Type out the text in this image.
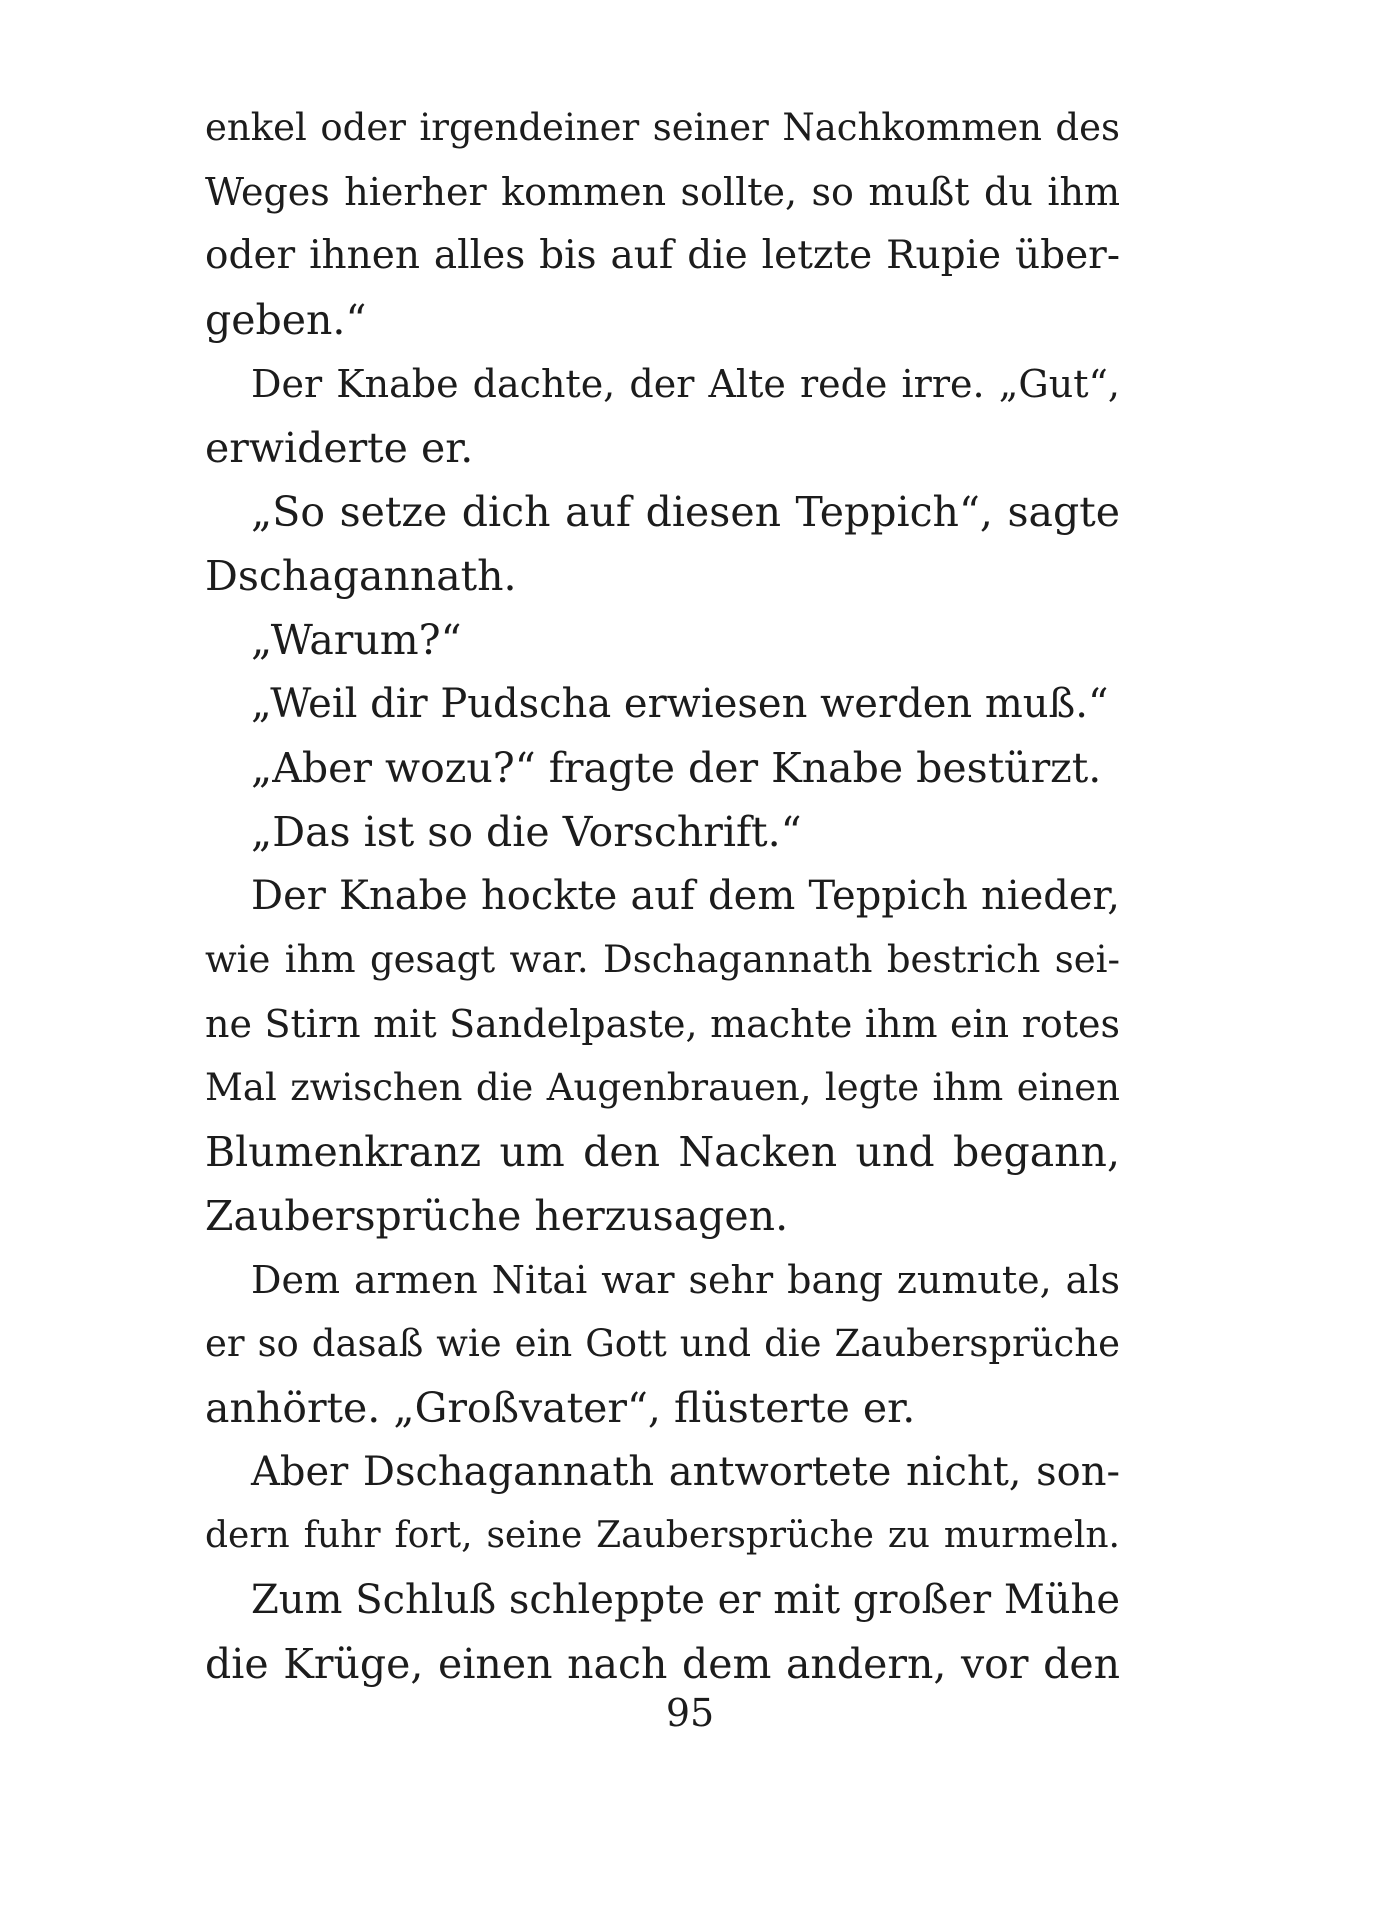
enkel oder irgendeiner seiner Nachkommen des
Weges hierher kommen sollte, so mußt du ihm
oder ihnen alles bis auf die letzte Rupie über-
geben.“
Der Knabe dachte, der Alte rede irre. „Gut“,
erwiderte er.
„So setze dich auf diesen Teppich“, sagte
Dschagannath.
„Warum?“
„Weil dir Pudscha erwiesen werden muß.“
„Aber wozu?“ fragte der Knabe bestürzt.
„Das ist so die Vorschrift.“
Der Knabe hockte auf dem Teppich nieder,
wie ihm gesagt war. Dschagannath bestrich sei-
ne Stirn mit Sandelpaste, machte ihm ein rotes
Mal zwischen die Augenbrauen, legte ihm einen
Blumenkranz um den Nacken und begann,
Zaubersprüche herzusagen.
Dem armen Nitai war sehr bang zumute, als
er so dasaß wie ein Gott und die Zaubersprüche
anhörte. „Großvater“, flüsterte er.
Aber Dschagannath antwortete nicht, son-
dern fuhr fort, seine Zaubersprüche zu murmeln.
Zum Schluß schleppte er mit großer Mühe
die Krüge, einen nach dem andern, vor den
95
